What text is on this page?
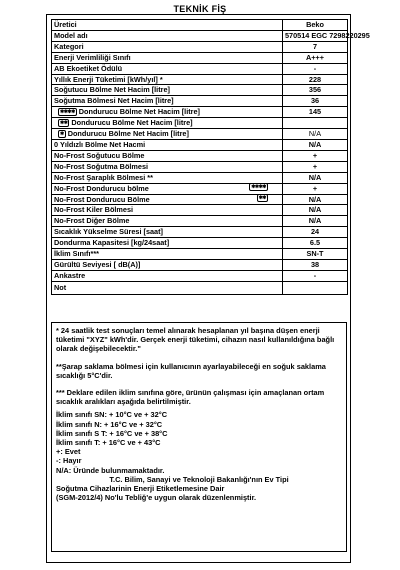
TEKNİK FİŞ
Üretici	Beko
Model adı	570514 EGC 7298220295
Kategori	7
Enerji Verimliliği Sınıfı	A+++
AB Ekoetiket Ödülü	-
Yıllık Enerji Tüketimi [kWh/yıl] *	228
Soğutucu Bölme Net Hacim [litre]	356
Soğutma Bölmesi Net Hacim [litre]	36
✱✱✱✱ Dondurucu Bölme Net Hacim [litre]	145
✱✱ Dondurucu Bölme Net Hacim [litre]	
✱ Dondurucu Bölme Net Hacim [litre]	N/A
0 Yıldızlı Bölme Net Hacmi	N/A
No-Frost Soğutucu Bölme	+
No-Frost Soğutma Bölmesi	+
No-Frost Şaraplık Bölmesi **	N/A
No-Frost Dondurucu bölme ✱✱✱✱	+
No-Frost Dondurucu Bölme ✱✱	N/A
No-Frost Kiler Bölmesi	N/A
No-Frost Diğer Bölme	N/A
Sıcaklık Yükselme Süresi [saat]	24
Dondurma Kapasitesi [kg/24saat]	6.5
İklim Sınıfı***	SN-T
Gürültü Seviyesi [ dB(A)]	38
Ankastre	-
Not	

* 24 saatlik test sonuçları temel alınarak hesaplanan yıl başına düşen enerji tüketimi "XYZ" kWh'dir. Gerçek enerji tüketimi, cihazın nasıl kullanıldığına bağlı olarak değişebilecektir."

**Şarap saklama bölmesi için kullanıcının ayarlayabileceği en soğuk saklama sıcaklığı 5°C'dir.

*** Deklare edilen iklim sınıfına göre, ürünün çalışması için amaçlanan ortam sıcaklık aralıkları aşağıda belirtilmiştir.

İklim sınıfı SN: + 10°C ve + 32°C
İklim sınıfı N: + 16°C ve + 32°C
İklim sınıfı S T: + 16°C ve + 38°C
İklim sınıfı T: + 16°C ve + 43°C
+: Evet
-: Hayır
N/A: Üründe bulunmamaktadır.
T.C. Bilim, Sanayi ve Teknoloji Bakanlığı'nın Ev Tipi
Soğutma Cihazlarinin Enerji Etiketlemesine Dair
(SGM-2012/4) No'lu Tebliğ'e uygun olarak düzenlenmiştir.
